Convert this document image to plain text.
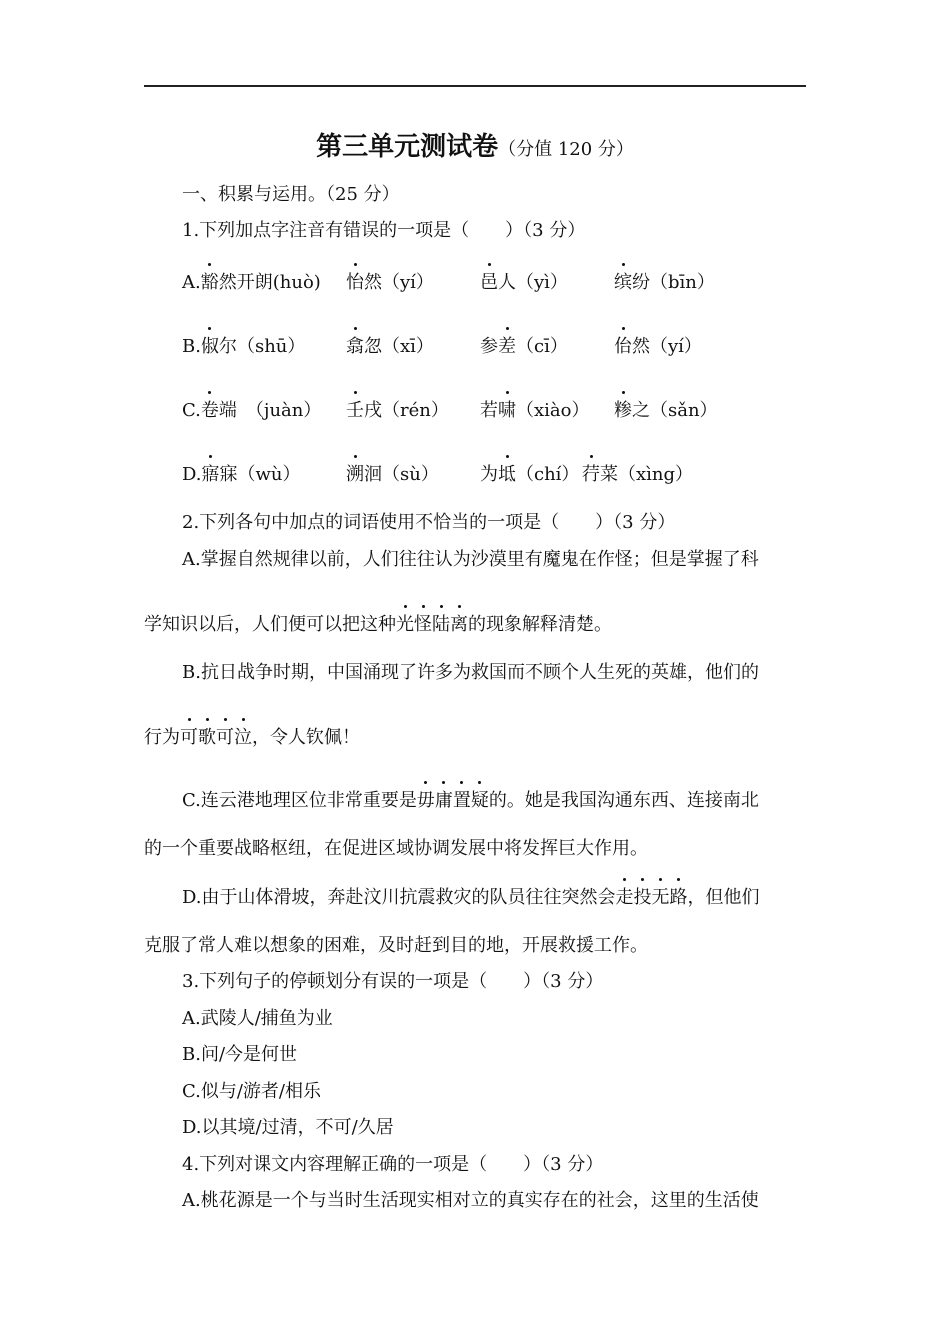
第三单元测试卷（分值 120 分）
一、积累与运用。（25 分）
1.下列加点字注音有错误的一项是（　　）（3 分）
A.豁然开朗(huò) 怡然（yí）	邑人（yì）	缤纷（bīn）
B.俶尔（shū） 翕忽（xī）	参差（cī）	佁然（yí）
C.卷端　（juàn） 壬戌（rén） 若啸（xiào） 糁之（sǎn）
D.寤寐（wù）	溯洄（sù） 为坻（chí） 荇菜（xìng）
2.下列各句中加点的词语使用不恰当的一项是（　　）（3 分）
A.掌握自然规律以前，人们往往认为沙漠里有魔鬼在作怪；但是掌握了科
学知识以后，人们便可以把这种光怪陆离的现象解释清楚。
B.抗日战争时期，中国涌现了许多为救国而不顾个人生死的英雄，他们的
行为可歌可泣，令人钦佩！
C.连云港地理区位非常重要是毋庸置疑的。她是我国沟通东西、连接南北
的一个重要战略枢纽，在促进区域协调发展中将发挥巨大作用。
D.由于山体滑坡，奔赴汶川抗震救灾的队员往往突然会走投无路，但他们
克服了常人难以想象的困难，及时赶到目的地，开展救援工作。
3.下列句子的停顿划分有误的一项是（　　）（3 分）
A.武陵人/捕鱼为业
B.问/今是何世
C.似与/游者/相乐
D.以其境/过清，不可/久居
4.下列对课文内容理解正确的一项是（　　）（3 分）
A.桃花源是一个与当时生活现实相对立的真实存在的社会，这里的生活使
